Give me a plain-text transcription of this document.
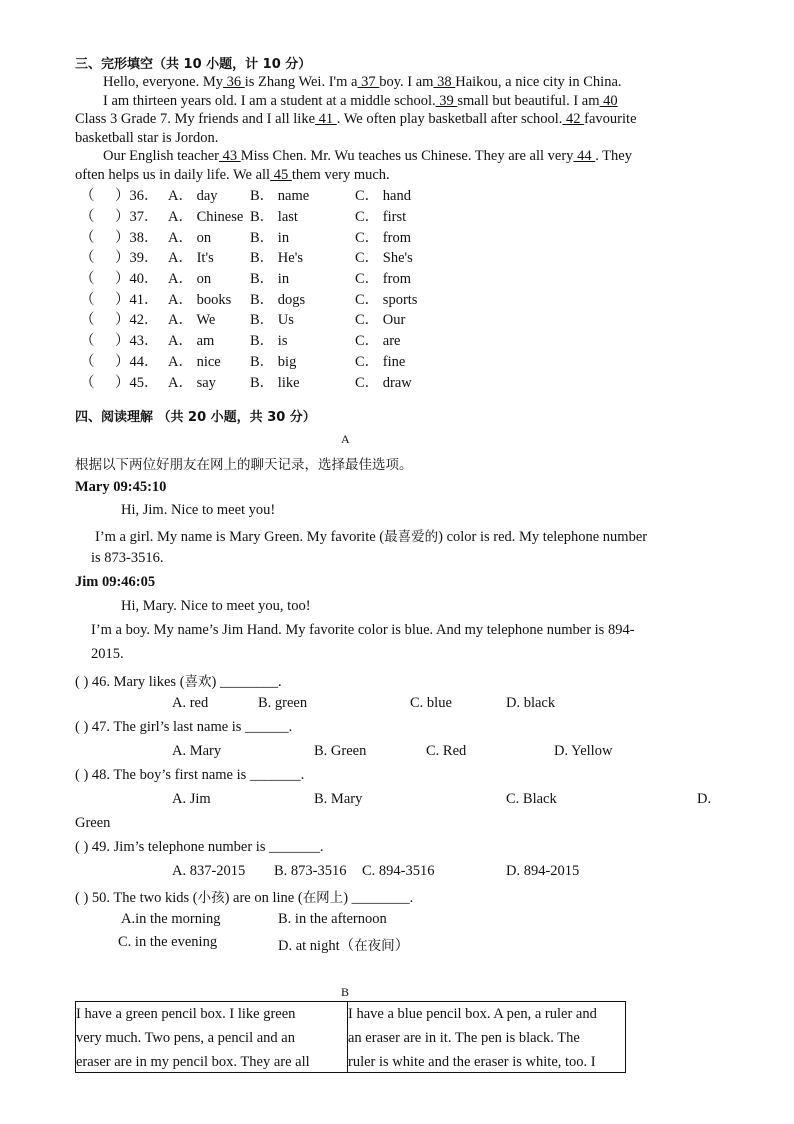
三、完形填空（共 10 小题，计 10 分）

Hello, everyone. My 36 is Zhang Wei. I'm a 37 boy. I am 38 Haikou, a nice city in China.

I am thirteen years old. I am a student at a middle school. 39 small but beautiful. I am 40

Class 3 Grade 7. My friends and I all like 41 . We often play basketball after school. 42 favourite

basketball star is Jordon.

Our English teacher 43 Miss Chen. Mr. Wu teaches us Chinese. They are all very 44 . They

often helps us in daily life. We all 45 them very much.

（ ）36． A． day B． name	C． hand
（ ）37． A． Chinese B． last	C． first
（ ）38． A． on	B． in	C． from
（ ）39． A． It's	B． He's	C． She's
（ ）40． A． on	B． in	C． from
（ ）41． A． books B． dogs	C． sports
（ ）42． A． We B． Us	C． Our
（ ）43． A． am B． is	C． are
（ ）44． A． nice B． big	C． fine
（ ）45． A． say B． like	C． draw
四、阅读理解 （共 20 小题，共 30 分）
A
根据以下两位好朋友在网上的聊天记录，选择最佳选项。
Mary 09:45:10
Hi, Jim. Nice to meet you!
I’m a girl. My name is Mary Green. My favorite (最喜爱的) color is red. My telephone number
is 873-3516.
Jim 09:46:05
Hi, Mary. Nice to meet you, too!
I’m a boy. My name’s Jim Hand. My favorite color is blue. And my telephone number is 894-
2015.
( ) 46. Mary likes (喜欢) ________.
A. red	B. green	C. blue	D. black
( ) 47. The girl’s last name is ______.
A. Mary	B. Green	C. Red	D. Yellow
( ) 48. The boy’s first name is _______.
A. Jim	B. Mary	C. Black	D.
Green
( ) 49. Jim’s telephone number is _______.
A. 837-2015 B. 873-3516 C. 894-3516	D. 894-2015
( ) 50. The two kids (小孩) are on line (在网上) ________.
A.in the morning	B. in the afternoon
C. in the evening	D. at night（在夜间）
B
I have a green pencil box. I like green
very much. Two pens, a pencil and an
eraser are in my pencil box. They are all
I have a blue pencil box. A pen, a ruler and
an eraser are in it. The pen is black. The
ruler is white and the eraser is white, too. I
